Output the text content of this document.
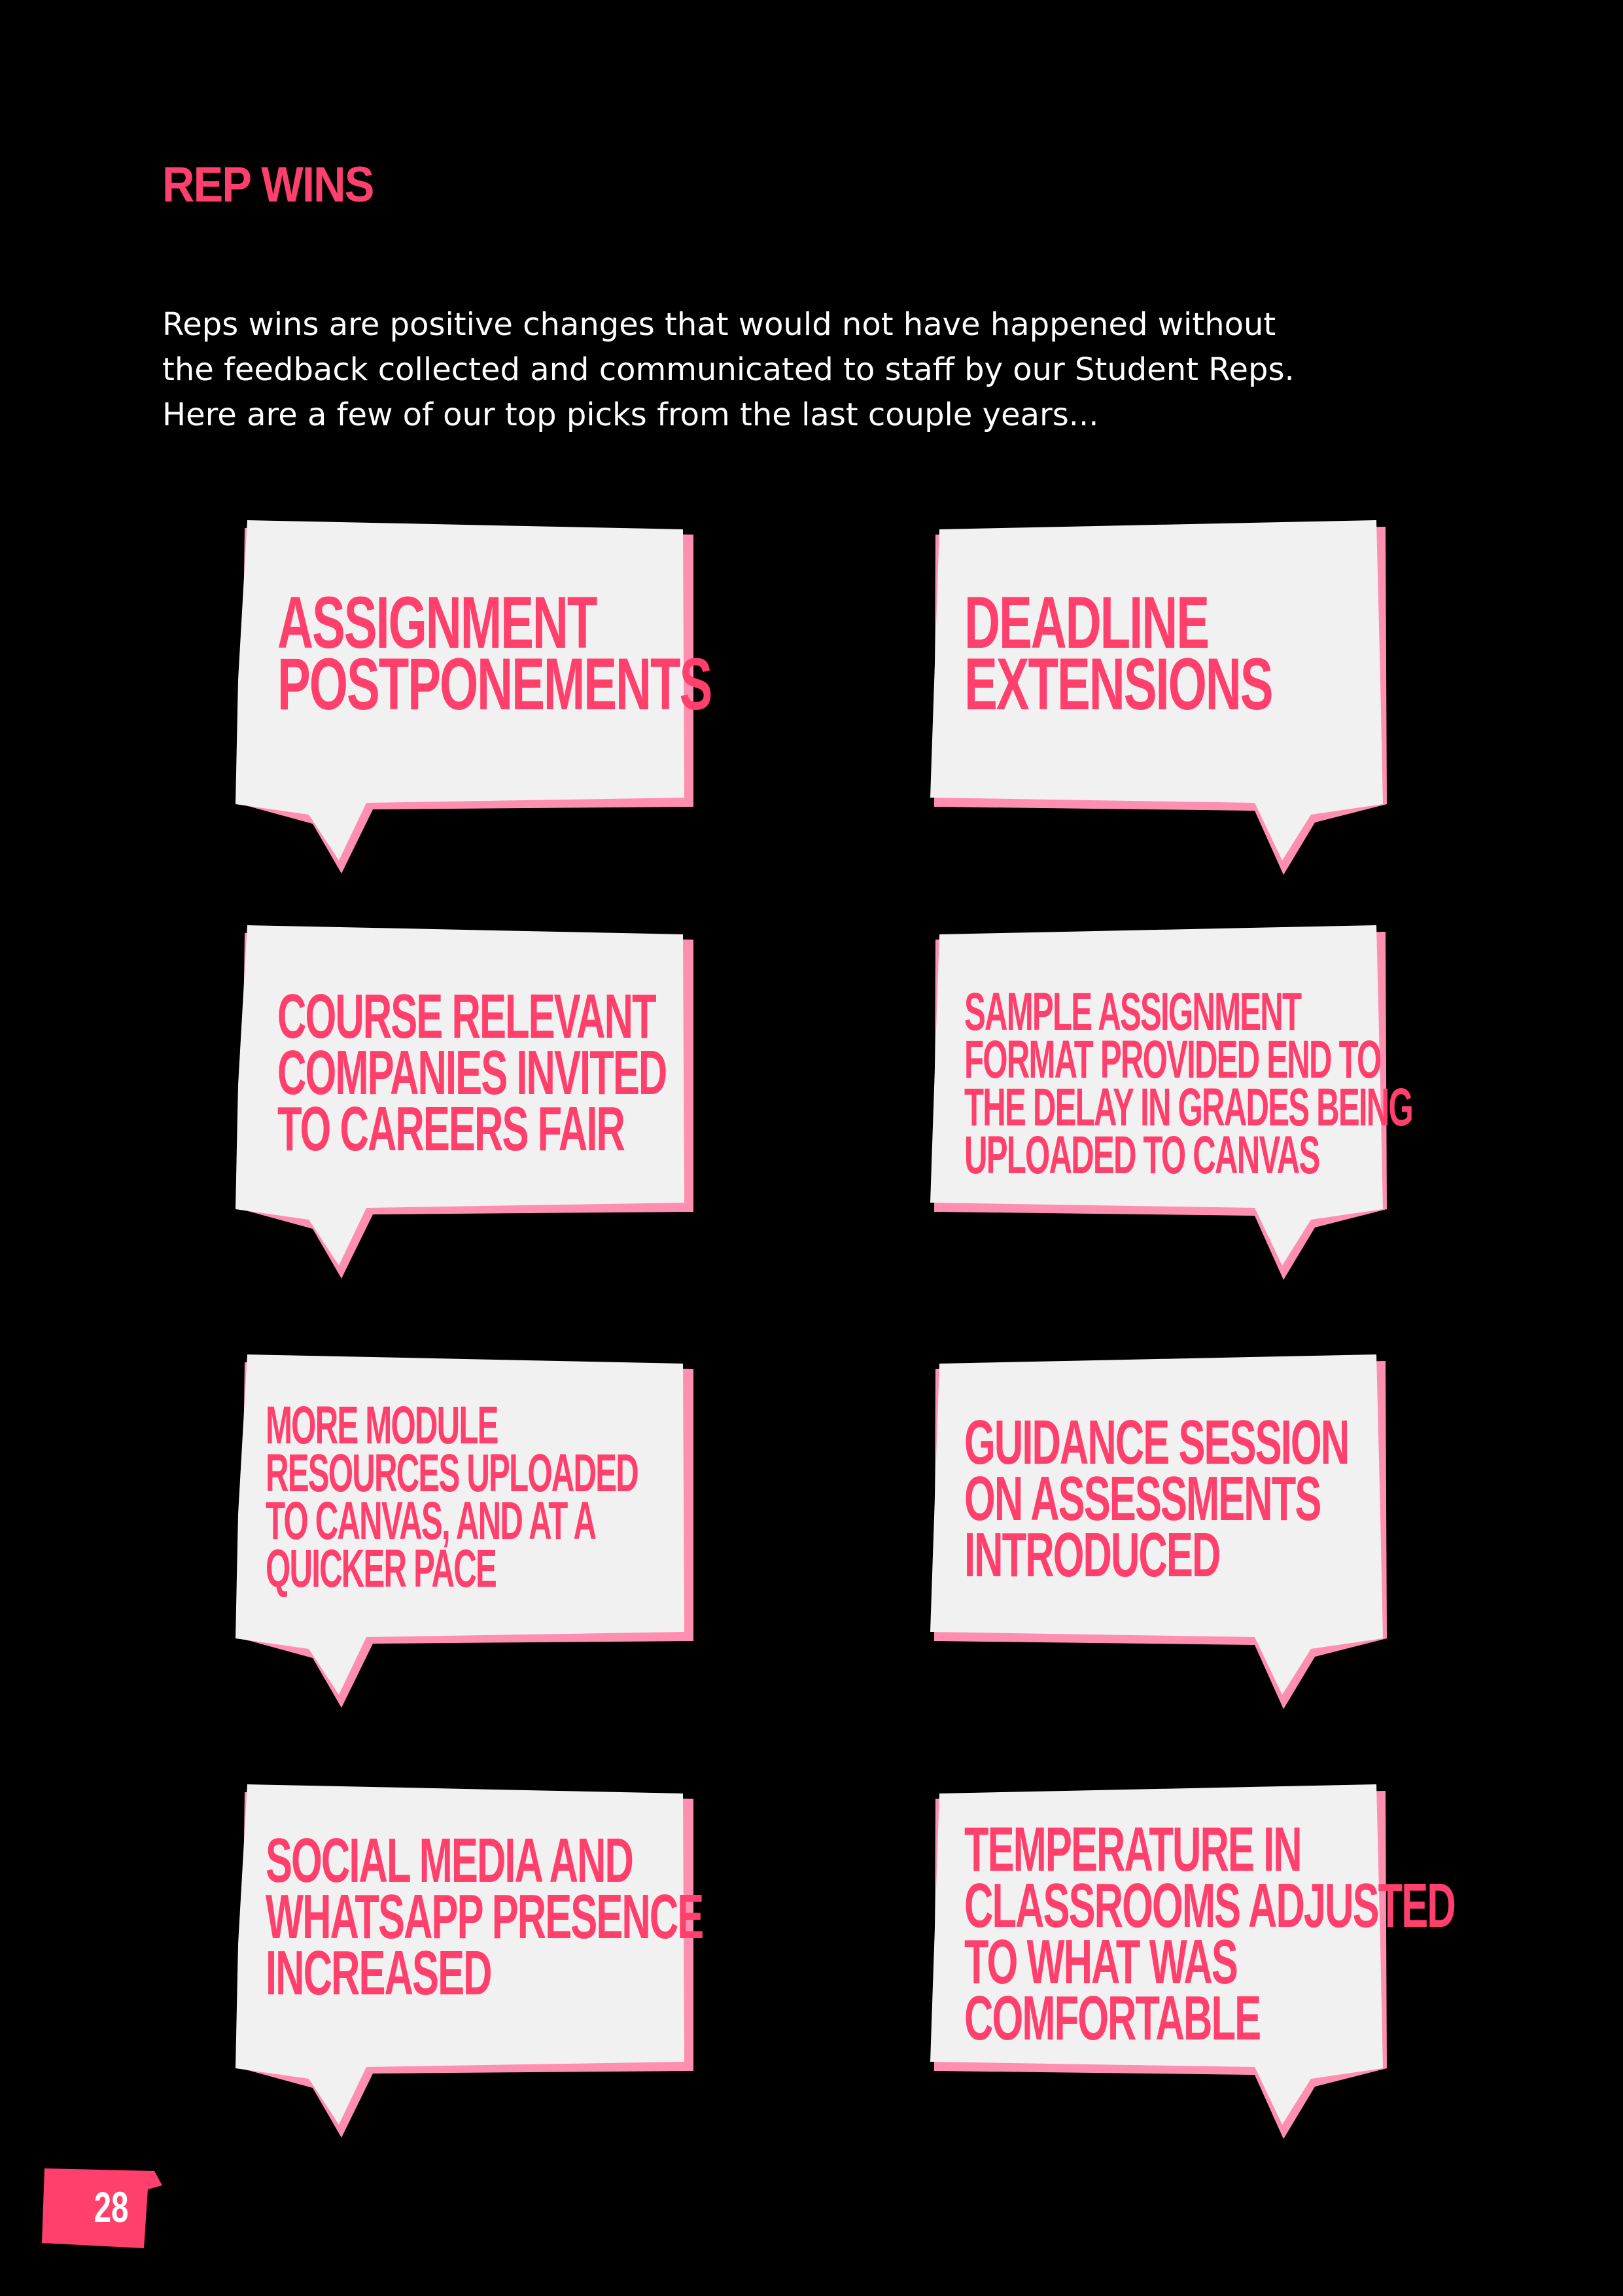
REP WINS

Reps wins are positive changes that would not have happened without
the feedback collected and communicated to staff by our Student Reps.
Here are a few of our top picks from the last couple years...

ASSIGNMENT
POSTPONEMENTS

DEADLINE
EXTENSIONS

COURSE RELEVANT
COMPANIES INVITED
TO CAREERS FAIR

SAMPLE ASSIGNMENT
FORMAT PROVIDED END TO
THE DELAY IN GRADES BEING
UPLOADED TO CANVAS

MORE MODULE
RESOURCES UPLOADED
TO CANVAS, AND AT A
QUICKER PACE

GUIDANCE SESSION
ON ASSESSMENTS
INTRODUCED

SOCIAL MEDIA AND
WHATSAPP PRESENCE
INCREASED

TEMPERATURE IN
CLASSROOMS ADJUSTED
TO WHAT WAS
COMFORTABLE

28
